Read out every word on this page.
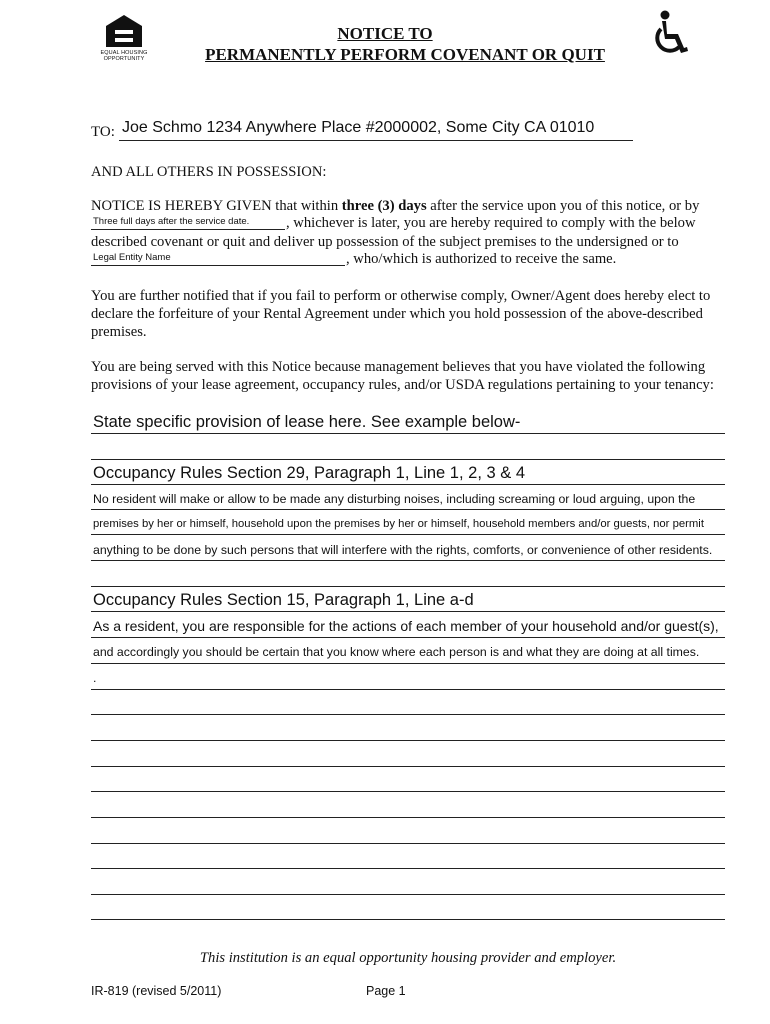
EQUAL HOUSING
OPPORTUNITY
NOTICE TO
PERMANENTLY PERFORM COVENANT OR QUIT
TO: Joe Schmo 1234 Anywhere Place #2000002, Some City CA 01010
AND ALL OTHERS IN POSSESSION:
NOTICE IS HEREBY GIVEN that within three (3) days after the service upon you of this notice, or by
Three full days after the service date.	, whichever is later, you are hereby required to comply with the below
described covenant or quit and deliver up possession of the subject premises to the undersigned or to
Legal Entity Name	, who/which is authorized to receive the same.
You are further notified that if you fail to perform or otherwise comply, Owner/Agent does hereby elect to declare the forfeiture of your Rental Agreement under which you hold possession of the above-described premises.
You are being served with this Notice because management believes that you have violated the following provisions of your lease agreement, occupancy rules, and/or USDA regulations pertaining to your tenancy:
State specific provision of lease here. See example below-
Occupancy Rules Section 29, Paragraph 1, Line 1, 2, 3 & 4
No resident will make or allow to be made any disturbing noises, including screaming or loud arguing, upon the
premises by her or himself, household upon the premises by her or himself, household members and/or guests, nor permit
anything to be done by such persons that will interfere with the rights, comforts, or convenience of other residents.
Occupancy Rules Section 15, Paragraph 1, Line a-d
As a resident, you are responsible for the actions of each member of your household and/or guest(s),
and accordingly you should be certain that you know where each person is and what they are doing at all times.
.
This institution is an equal opportunity housing provider and employer.
IR-819 (revised 5/2011)	Page 1
